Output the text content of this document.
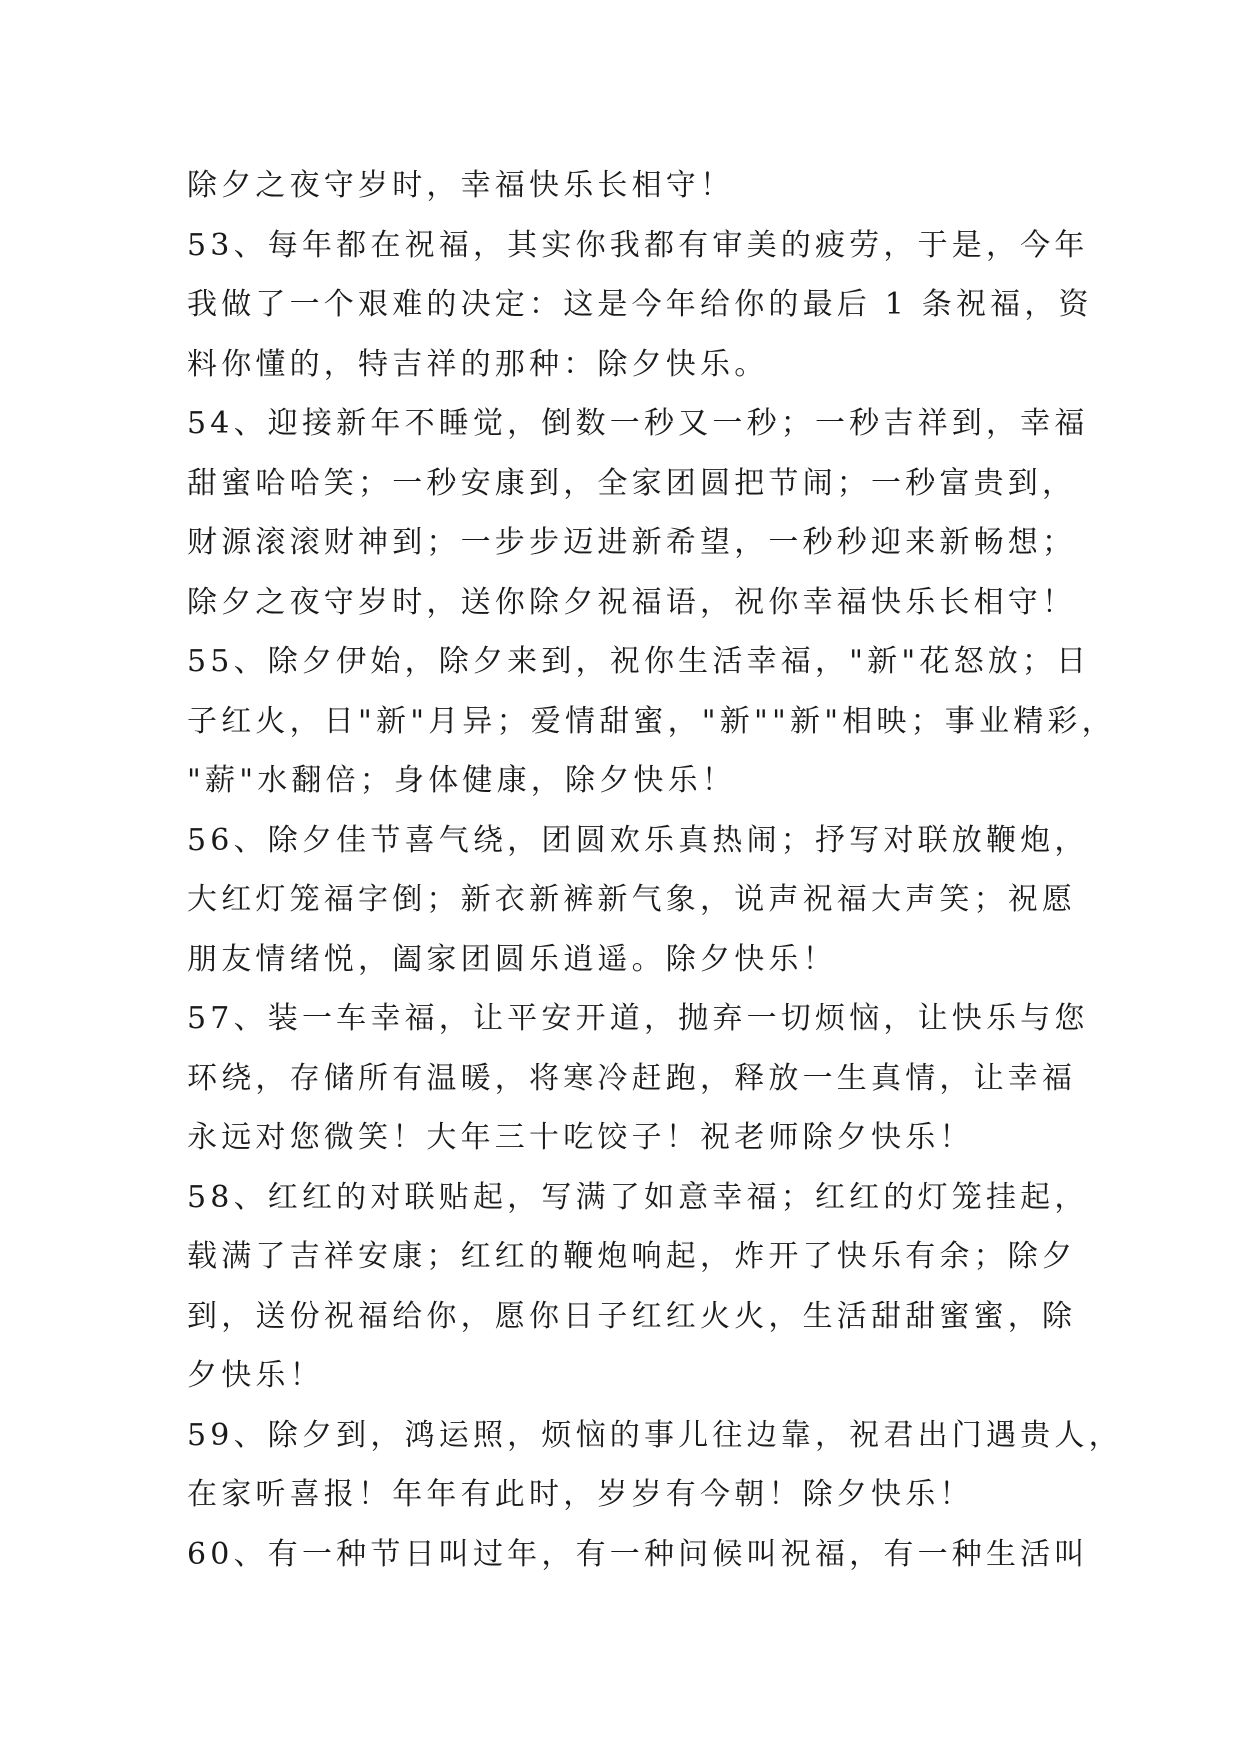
除夕之夜守岁时，幸福快乐长相守！
53、每年都在祝福，其实你我都有审美的疲劳，于是，今年
我做了一个艰难的决定：这是今年给你的最后 1 条祝福，资
料你懂的，特吉祥的那种：除夕快乐。
54、迎接新年不睡觉，倒数一秒又一秒；一秒吉祥到，幸福
甜蜜哈哈笑；一秒安康到，全家团圆把节闹；一秒富贵到，
财源滚滚财神到；一步步迈进新希望，一秒秒迎来新畅想；
除夕之夜守岁时，送你除夕祝福语，祝你幸福快乐长相守！
55、除夕伊始，除夕来到，祝你生活幸福，"新"花怒放；日
子红火，日"新"月异；爱情甜蜜，"新""新"相映；事业精彩，
"薪"水翻倍；身体健康，除夕快乐！
56、除夕佳节喜气绕，团圆欢乐真热闹；抒写对联放鞭炮，
大红灯笼福字倒；新衣新裤新气象，说声祝福大声笑；祝愿
朋友情绪悦，阖家团圆乐逍遥。除夕快乐！
57、装一车幸福，让平安开道，抛弃一切烦恼，让快乐与您
环绕，存储所有温暖，将寒冷赶跑，释放一生真情，让幸福
永远对您微笑！大年三十吃饺子！祝老师除夕快乐！
58、红红的对联贴起，写满了如意幸福；红红的灯笼挂起，
载满了吉祥安康；红红的鞭炮响起，炸开了快乐有余；除夕
到，送份祝福给你，愿你日子红红火火，生活甜甜蜜蜜，除
夕快乐！
59、除夕到，鸿运照，烦恼的事儿往边靠，祝君出门遇贵人，
在家听喜报！年年有此时，岁岁有今朝！除夕快乐！
60、有一种节日叫过年，有一种问候叫祝福，有一种生活叫
